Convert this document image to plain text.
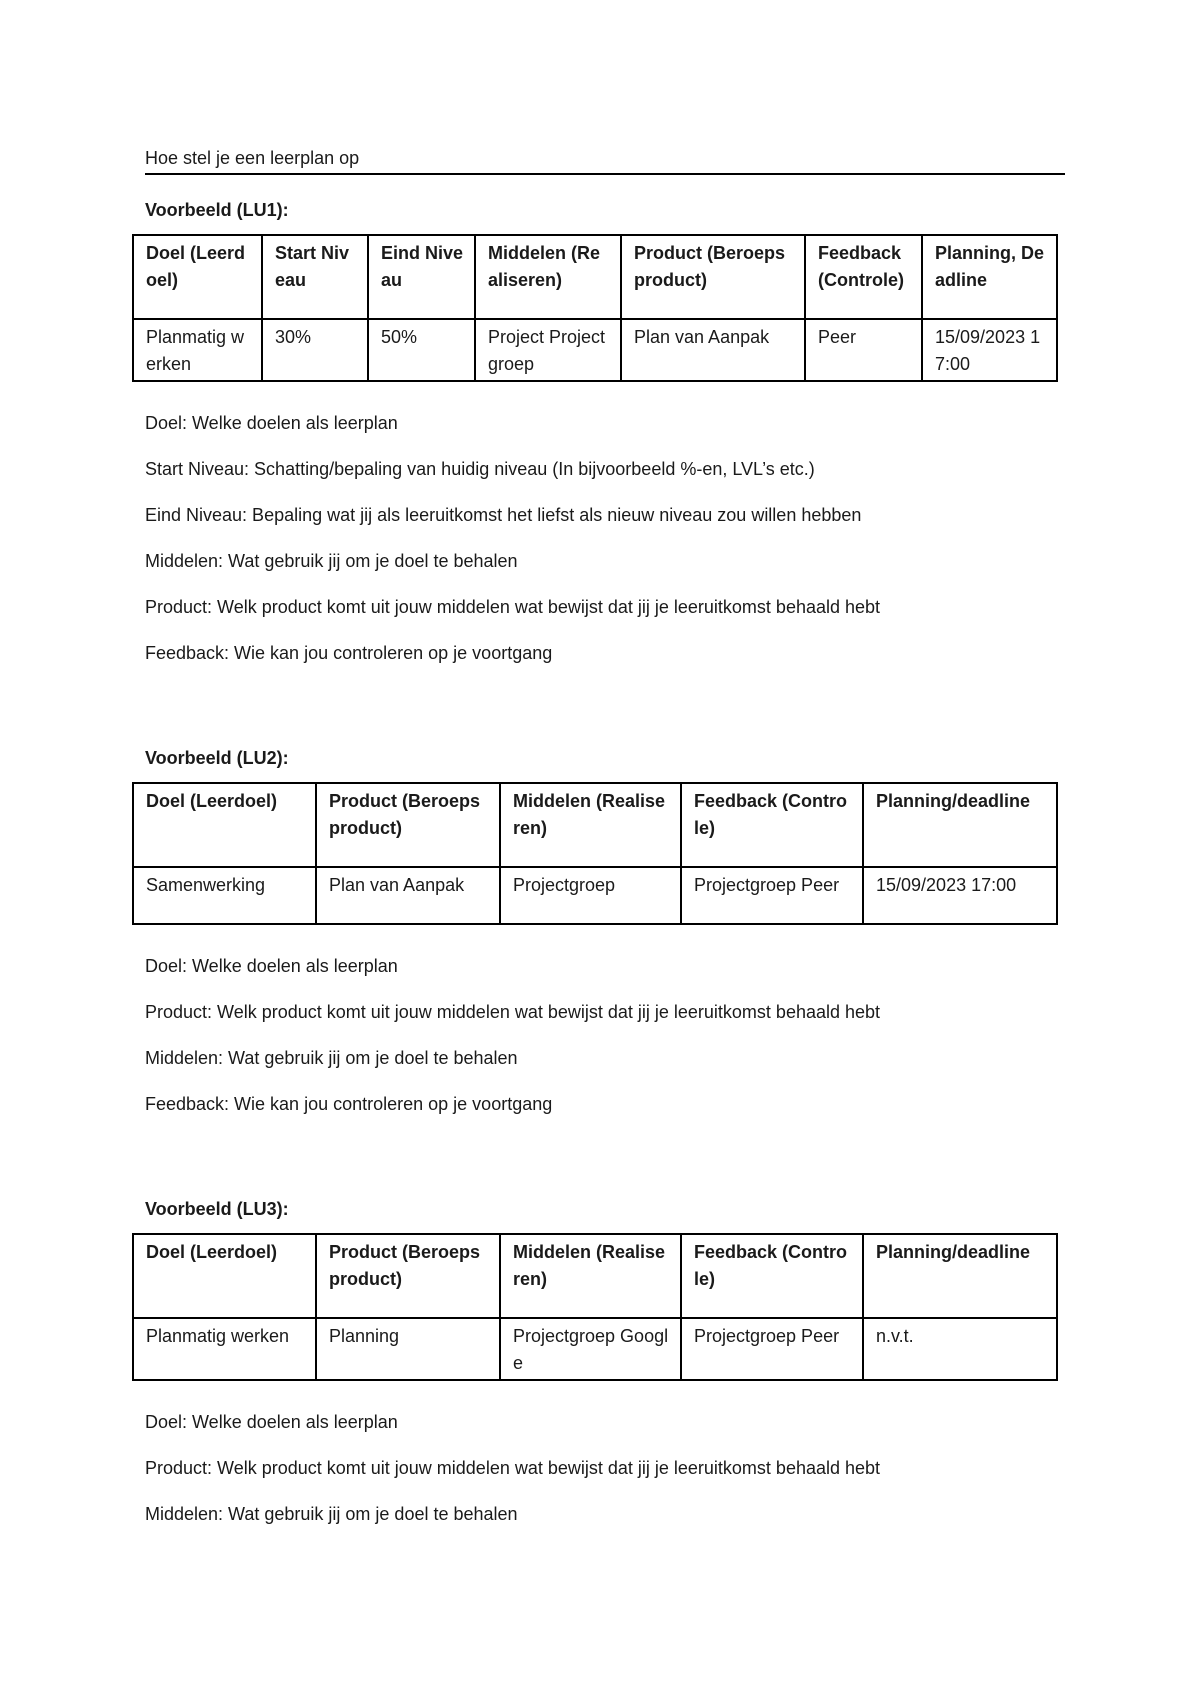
Hoe stel je een leerplan op

Voorbeeld (LU1):

Doel (Leerdoel)	Start Niveau	Eind Niveau	Middelen (Realiseren)	Product (Beroepsproduct)	Feedback (Controle)	Planning, Deadline
Planmatig werken	30%	50%	Project Projectgroep	Plan van Aanpak	Peer	15/09/2023 17:00

Doel: Welke doelen als leerplan

Start Niveau: Schatting/bepaling van huidig niveau (In bijvoorbeeld %-en, LVL’s etc.)

Eind Niveau: Bepaling wat jij als leeruitkomst het liefst als nieuw niveau zou willen hebben

Middelen: Wat gebruik jij om je doel te behalen

Product: Welk product komt uit jouw middelen wat bewijst dat jij je leeruitkomst behaald hebt

Feedback: Wie kan jou controleren op je voortgang

Voorbeeld (LU2):

Doel (Leerdoel)	Product (Beroepsproduct)	Middelen (Realiseren)	Feedback (Controle)	Planning/deadline
Samenwerking	Plan van Aanpak	Projectgroep	Projectgroep Peer	15/09/2023 17:00

Doel: Welke doelen als leerplan

Product: Welk product komt uit jouw middelen wat bewijst dat jij je leeruitkomst behaald hebt

Middelen: Wat gebruik jij om je doel te behalen

Feedback: Wie kan jou controleren op je voortgang

Voorbeeld (LU3):

Doel (Leerdoel)	Product (Beroepsproduct)	Middelen (Realiseren)	Feedback (Controle)	Planning/deadline
Planmatig werken	Planning	Projectgroep Google	Projectgroep Peer	n.v.t.

Doel: Welke doelen als leerplan

Product: Welk product komt uit jouw middelen wat bewijst dat jij je leeruitkomst behaald hebt

Middelen: Wat gebruik jij om je doel te behalen
